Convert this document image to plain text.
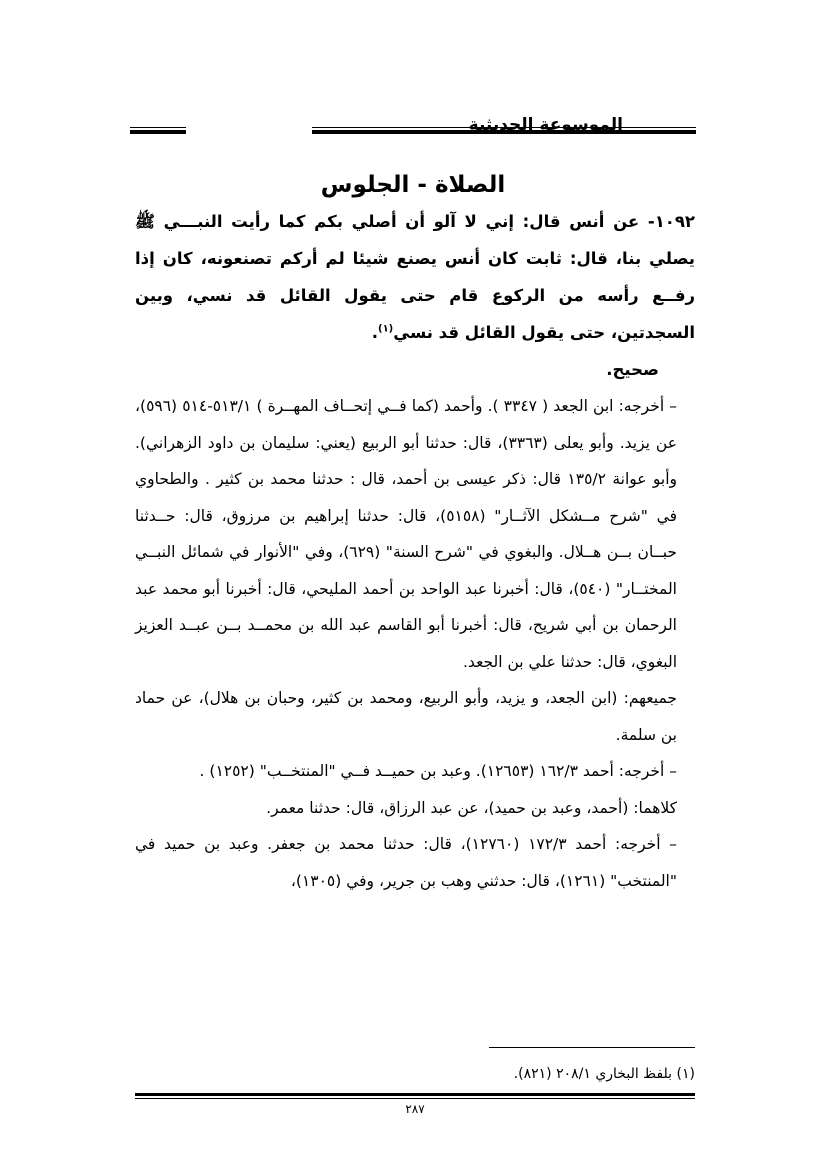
الموسوعة الحديثية
الصلاة - الجلوس

١٠٩٢- عن أنس قال: إني لا آلو أن أصلي بكم كما رأيت النبـــي ﷺ يصلي بنا، قال: ثابت كان أنس يصنع شيئا لم أركم تصنعونه، كان إذا رفــع رأسه من الركوع قام حتى يقول القائل قد نسي، وبين السجدتين، حتى يقول القائل قد نسي$^{(١)}$.

صحيح.

– أخرجه: ابن الجعد ( ٣٣٤٧ ). وأحمد (كما فــي إتحــاف المهــرة ) ٥١٣/١-٥١٤ (٥٩٦)، عن يزيد. وأبو يعلى (٣٣٦٣)، قال: حدثنا أبو الربيع (يعني: سليمان بن داود الزهراني). وأبو عوانة ١٣٥/٢ قال: ذكر عيسى بن أحمد، قال : حدثنا محمد بن كثير . والطحاوي في "شرح مــشكل الآثــار" (٥١٥٨)، قال: حدثنا إبراهيم بن مرزوق، قال: حــدثنا حبــان بــن هــلال. والبغوي في "شرح السنة" (٦٢٩)، وفي "الأنوار في شمائل النبــي المختــار" (٥٤٠)، قال: أخبرنا عبد الواحد بن أحمد المليحي، قال: أخبرنا أبو محمد عبد الرحمان بن أبي شريح، قال: أخبرنا أبو القاسم عبد الله بن محمــد بــن عبــد العزيز البغوي، قال: حدثنا علي بن الجعد.

جميعهم: (ابن الجعد، و يزيد، وأبو الربيع، ومحمد بن كثير، وحبان بن هلال)، عن حماد بن سلمة.

– أخرجه: أحمد ١٦٢/٣ (١٢٦٥٣). وعبد بن حميــد فــي "المنتخــب" (١٢٥٢) .

كلاهما: (أحمد، وعبد بن حميد)، عن عبد الرزاق، قال: حدثنا معمر.

– أخرجه: أحمد ١٧٢/٣ (١٢٧٦٠)، قال: حدثنا محمد بن جعفر. وعبد بن حميد في "المنتخب" (١٢٦١)، قال: حدثني وهب بن جرير، وفي (١٣٠٥)،

(١) بلفظ البخاري ٢٠٨/١ (٨٢١).
٢٨٧
